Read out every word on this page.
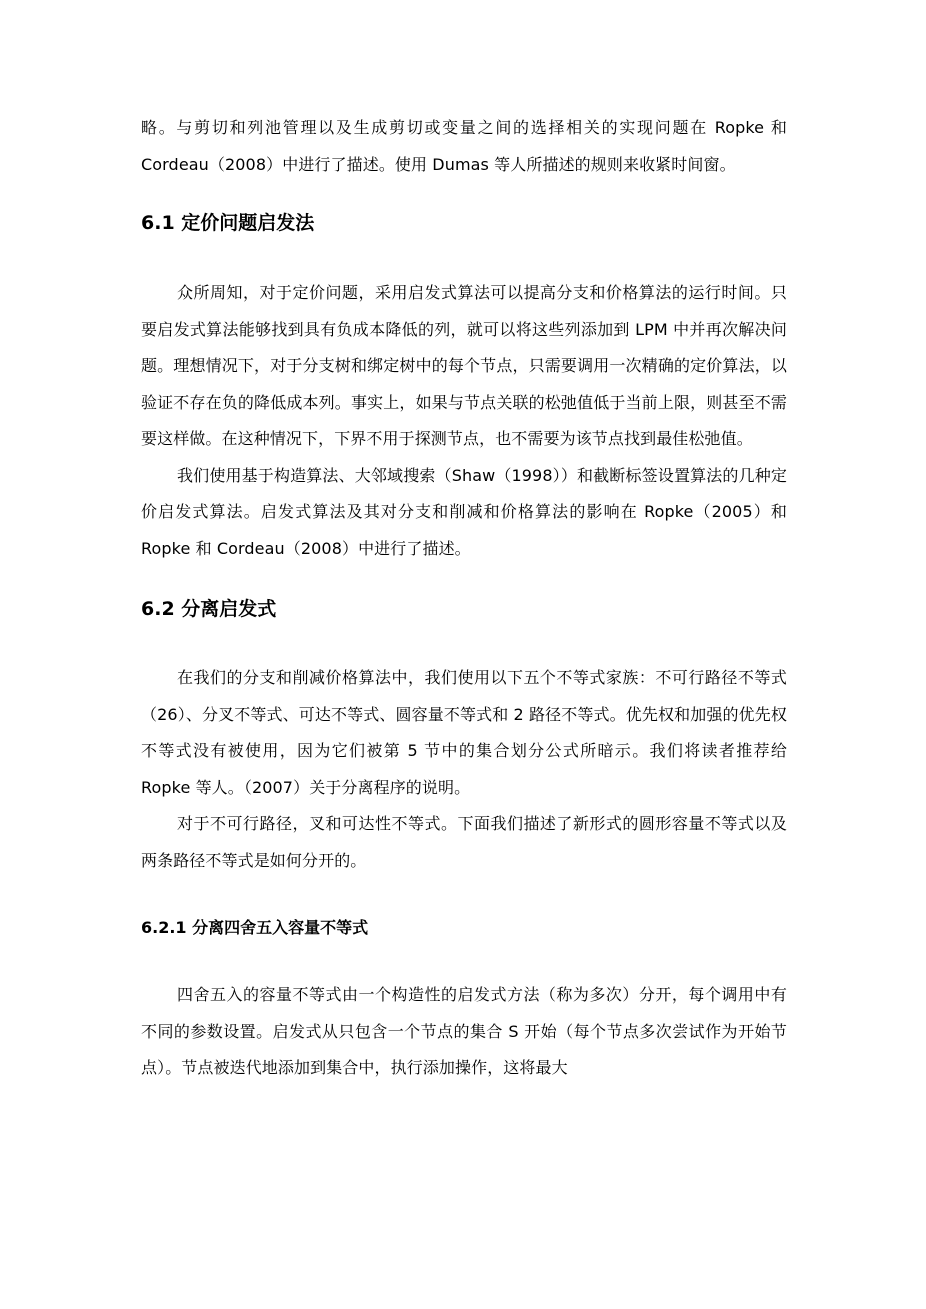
略。与剪切和列池管理以及生成剪切或变量之间的选择相关的实现问题在 Ropke 和 Cordeau（2008）中进行了描述。使用 Dumas 等人所描述的规则来收紧时间窗。

6.1 定价问题启发法

众所周知，对于定价问题，采用启发式算法可以提高分支和价格算法的运行时间。只要启发式算法能够找到具有负成本降低的列，就可以将这些列添加到 LPM 中并再次解决问题。理想情况下，对于分支树和绑定树中的每个节点，只需要调用一次精确的定价算法，以验证不存在负的降低成本列。事实上，如果与节点关联的松弛值低于当前上限，则甚至不需要这样做。在这种情况下，下界不用于探测节点，也不需要为该节点找到最佳松弛值。

我们使用基于构造算法、大邻域搜索（Shaw（1998））和截断标签设置算法的几种定价启发式算法。启发式算法及其对分支和削减和价格算法的影响在 Ropke（2005）和 Ropke 和 Cordeau（2008）中进行了描述。

6.2 分离启发式

在我们的分支和削减价格算法中，我们使用以下五个不等式家族：不可行路径不等式（26）、分叉不等式、可达不等式、圆容量不等式和 2 路径不等式。优先权和加强的优先权不等式没有被使用，因为它们被第 5 节中的集合划分公式所暗示。我们将读者推荐给 Ropke 等人。（2007）关于分离程序的说明。

对于不可行路径，叉和可达性不等式。下面我们描述了新形式的圆形容量不等式以及两条路径不等式是如何分开的。

6.2.1 分离四舍五入容量不等式

四舍五入的容量不等式由一个构造性的启发式方法（称为多次）分开，每个调用中有不同的参数设置。启发式从只包含一个节点的集合 S 开始（每个节点多次尝试作为开始节点）。节点被迭代地添加到集合中，执行添加操作，这将最大
